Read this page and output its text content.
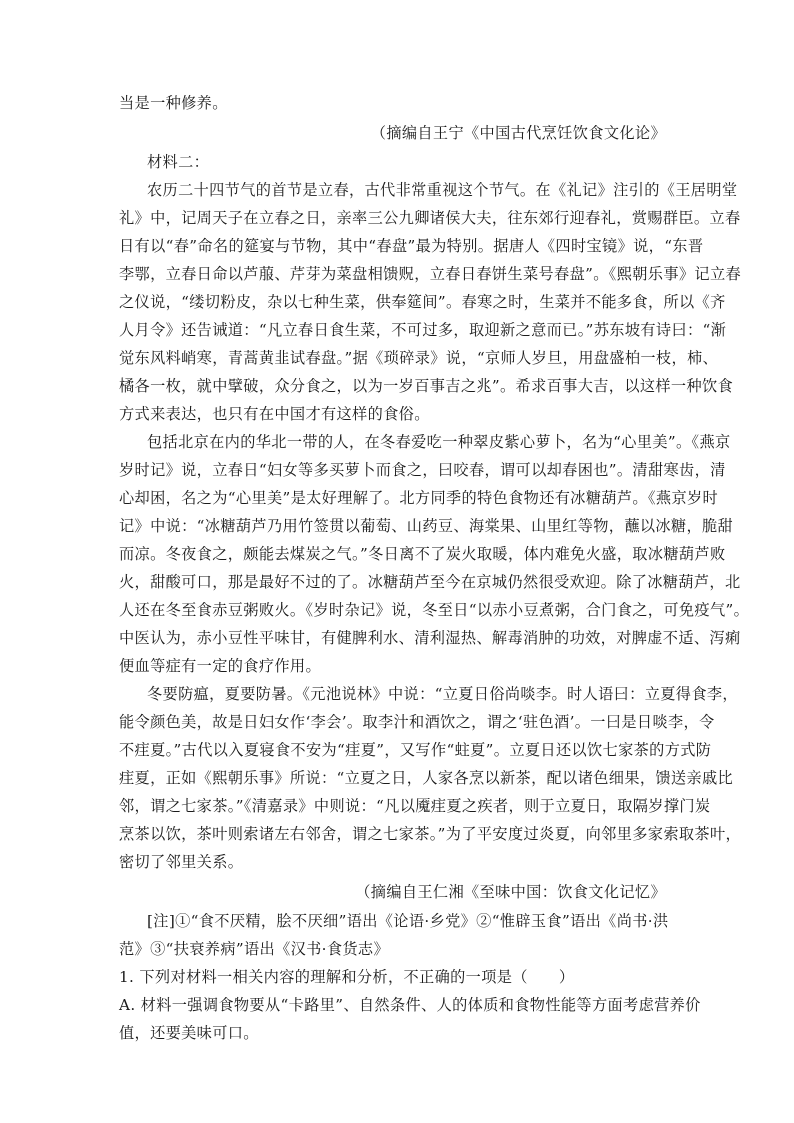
当是一种修养。
（摘编自王宁《中国古代烹饪饮食文化论》
材料二：
农历二十四节气的首节是立春，古代非常重视这个节气。在《礼记》注引的《王居明堂
礼》中，记周天子在立春之日，亲率三公九卿诸侯大夫，往东郊行迎春礼，赏赐群臣。立春
日有以“春”命名的筵宴与节物，其中“春盘”最为特别。据唐人《四时宝镜》说，“东晋
李鄂，立春日命以芦菔、芹芽为菜盘相馈贶，立春日春饼生菜号春盘”。《熙朝乐事》记立春
之仪说，“缕切粉皮，杂以七种生菜，供奉筵间”。春寒之时，生菜并不能多食，所以《齐
人月令》还告诫道：“凡立春日食生菜，不可过多，取迎新之意而已。”苏东坡有诗曰：“渐
觉东风料峭寒，青蒿黄韭试春盘。”据《琐碎录》说，“京师人岁旦，用盘盛柏一枝，柿、
橘各一枚，就中擘破，众分食之，以为一岁百事吉之兆”。希求百事大吉，以这样一种饮食
方式来表达，也只有在中国才有这样的食俗。
包括北京在内的华北一带的人，在冬春爱吃一种翠皮紫心萝卜，名为“心里美”。《燕京
岁时记》说，立春日“妇女等多买萝卜而食之，曰咬春，谓可以却春困也”。清甜寒齿，清
心却困，名之为“心里美”是太好理解了。北方同季的特色食物还有冰糖葫芦。《燕京岁时
记》中说：“冰糖葫芦乃用竹签贯以葡萄、山药豆、海棠果、山里红等物，蘸以冰糖，脆甜
而凉。冬夜食之，颇能去煤炭之气。”冬日离不了炭火取暖，体内难免火盛，取冰糖葫芦败
火，甜酸可口，那是最好不过的了。冰糖葫芦至今在京城仍然很受欢迎。除了冰糖葫芦，北
人还在冬至食赤豆粥败火。《岁时杂记》说，冬至日“以赤小豆煮粥，合门食之，可免疫气”。
中医认为，赤小豆性平味甘，有健脾利水、清利湿热、解毒消肿的功效，对脾虚不适、泻痢
便血等症有一定的食疗作用。
冬要防瘟，夏要防暑。《元池说林》中说：“立夏日俗尚啖李。时人语曰：立夏得食李，
能令颜色美，故是日妇女作‘李会’。取李汁和酒饮之，谓之‘驻色酒’。一曰是日啖李，令
不疰夏。”古代以入夏寝食不安为“疰夏”，又写作“蛀夏”。立夏日还以饮七家茶的方式防
疰夏，正如《熙朝乐事》所说：“立夏之日，人家各烹以新茶，配以诸色细果，馈送亲戚比
邻，谓之七家茶。”《清嘉录》中则说：“凡以魇疰夏之疾者，则于立夏日，取隔岁撑门炭
烹茶以饮，茶叶则索诸左右邻舍，谓之七家茶。”为了平安度过炎夏，向邻里多家索取茶叶，
密切了邻里关系。
（摘编自王仁湘《至味中国：饮食文化记忆》
[注]①“食不厌精，脍不厌细”语出《论语·乡党》②“惟辟玉食”语出《尚书·洪
范》③“扶衰养病”语出《汉书·食货志》
1. 下列对材料一相关内容的理解和分析，不正确的一项是（　　）
A. 材料一强调食物要从“卡路里”、自然条件、人的体质和食物性能等方面考虑营养价
值，还要美味可口。
